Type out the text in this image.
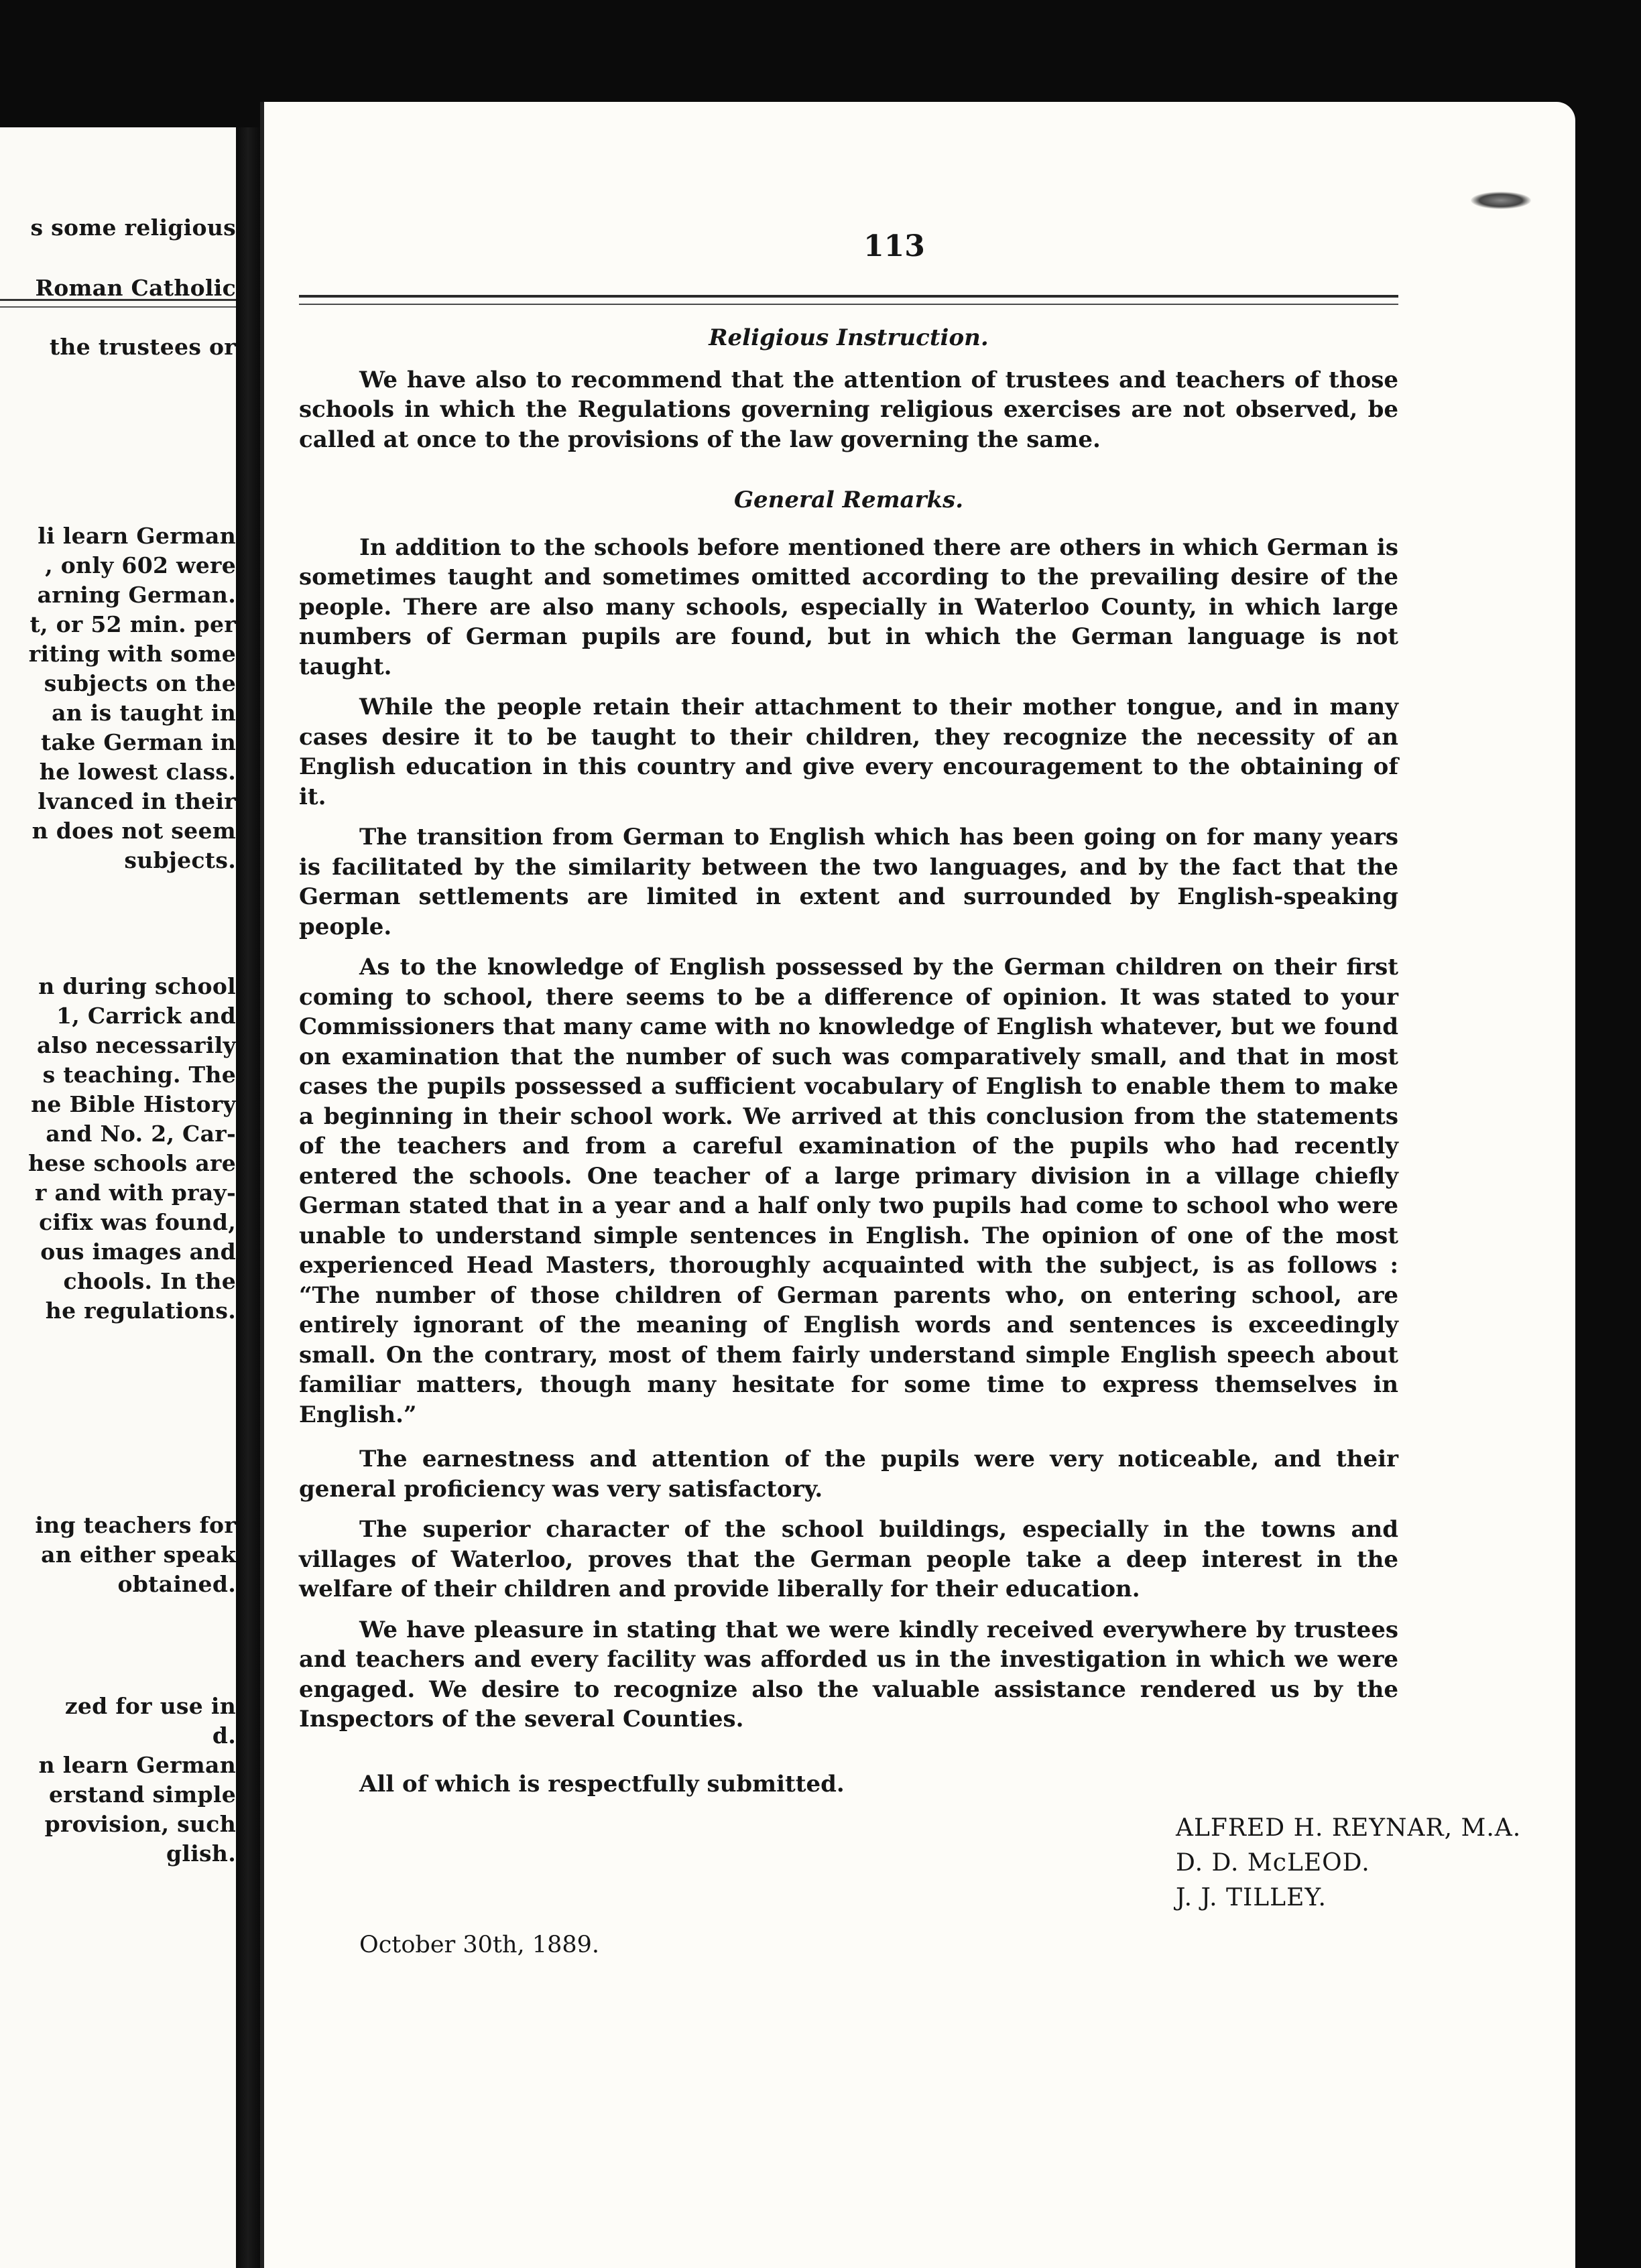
s some religious
Roman Catholic
the trustees or
li learn German
, only 602 were
arning German.
t, or 52 min. per
riting with some
subjects on the
an is taught in
take German in
he lowest class.
lvanced in their
n does not seem
subjects.
n during school
1, Carrick and
also necessarily
s teaching. The
ne Bible History
and No. 2, Car-
hese schools are
r and with pray-
cifix was found,
ous images and
chools. In the
he regulations.
ing teachers for
an either speak
obtained.
zed for use in
d.
n learn German
erstand simple
provision, such
glish.
113
Religious Instruction.

We have also to recommend that the attention of trustees and teachers of those schools in which the Regulations governing religious exercises are not observed, be called at once to the provisions of the law governing the same.

General Remarks.

In addition to the schools before mentioned there are others in which German is sometimes taught and sometimes omitted according to the prevailing desire of the people. There are also many schools, especially in Waterloo County, in which large numbers of German pupils are found, but in which the German language is not taught.

While the people retain their attachment to their mother tongue, and in many cases desire it to be taught to their children, they recognize the necessity of an English education in this country and give every encouragement to the obtaining of it.

The transition from German to English which has been going on for many years is facilitated by the similarity between the two languages, and by the fact that the German settlements are limited in extent and surrounded by English-speaking people.

As to the knowledge of English possessed by the German children on their first coming to school, there seems to be a difference of opinion. It was stated to your Commissioners that many came with no knowledge of English whatever, but we found on examination that the number of such was comparatively small, and that in most cases the pupils possessed a sufficient vocabulary of English to enable them to make a beginning in their school work. We arrived at this conclusion from the statements of the teachers and from a careful examination of the pupils who had recently entered the schools. One teacher of a large primary division in a village chiefly German stated that in a year and a half only two pupils had come to school who were unable to understand simple sentences in English. The opinion of one of the most experienced Head Masters, thoroughly acquainted with the subject, is as follows : “The number of those children of German parents who, on entering school, are entirely ignorant of the meaning of English words and sentences is exceedingly small. On the contrary, most of them fairly understand simple English speech about familiar matters, though many hesitate for some time to express themselves in English.”

The earnestness and attention of the pupils were very noticeable, and their general proficiency was very satisfactory.

The superior character of the school buildings, especially in the towns and villages of Waterloo, proves that the German people take a deep interest in the welfare of their children and provide liberally for their education.

We have pleasure in stating that we were kindly received everywhere by trustees and teachers and every facility was afforded us in the investigation in which we were engaged. We desire to recognize also the valuable assistance rendered us by the Inspectors of the several Counties.

All of which is respectfully submitted.
ALFRED H. REYNAR, M.A.
D. D. McLEOD.
J. J. TILLEY.
October 30th, 1889.
